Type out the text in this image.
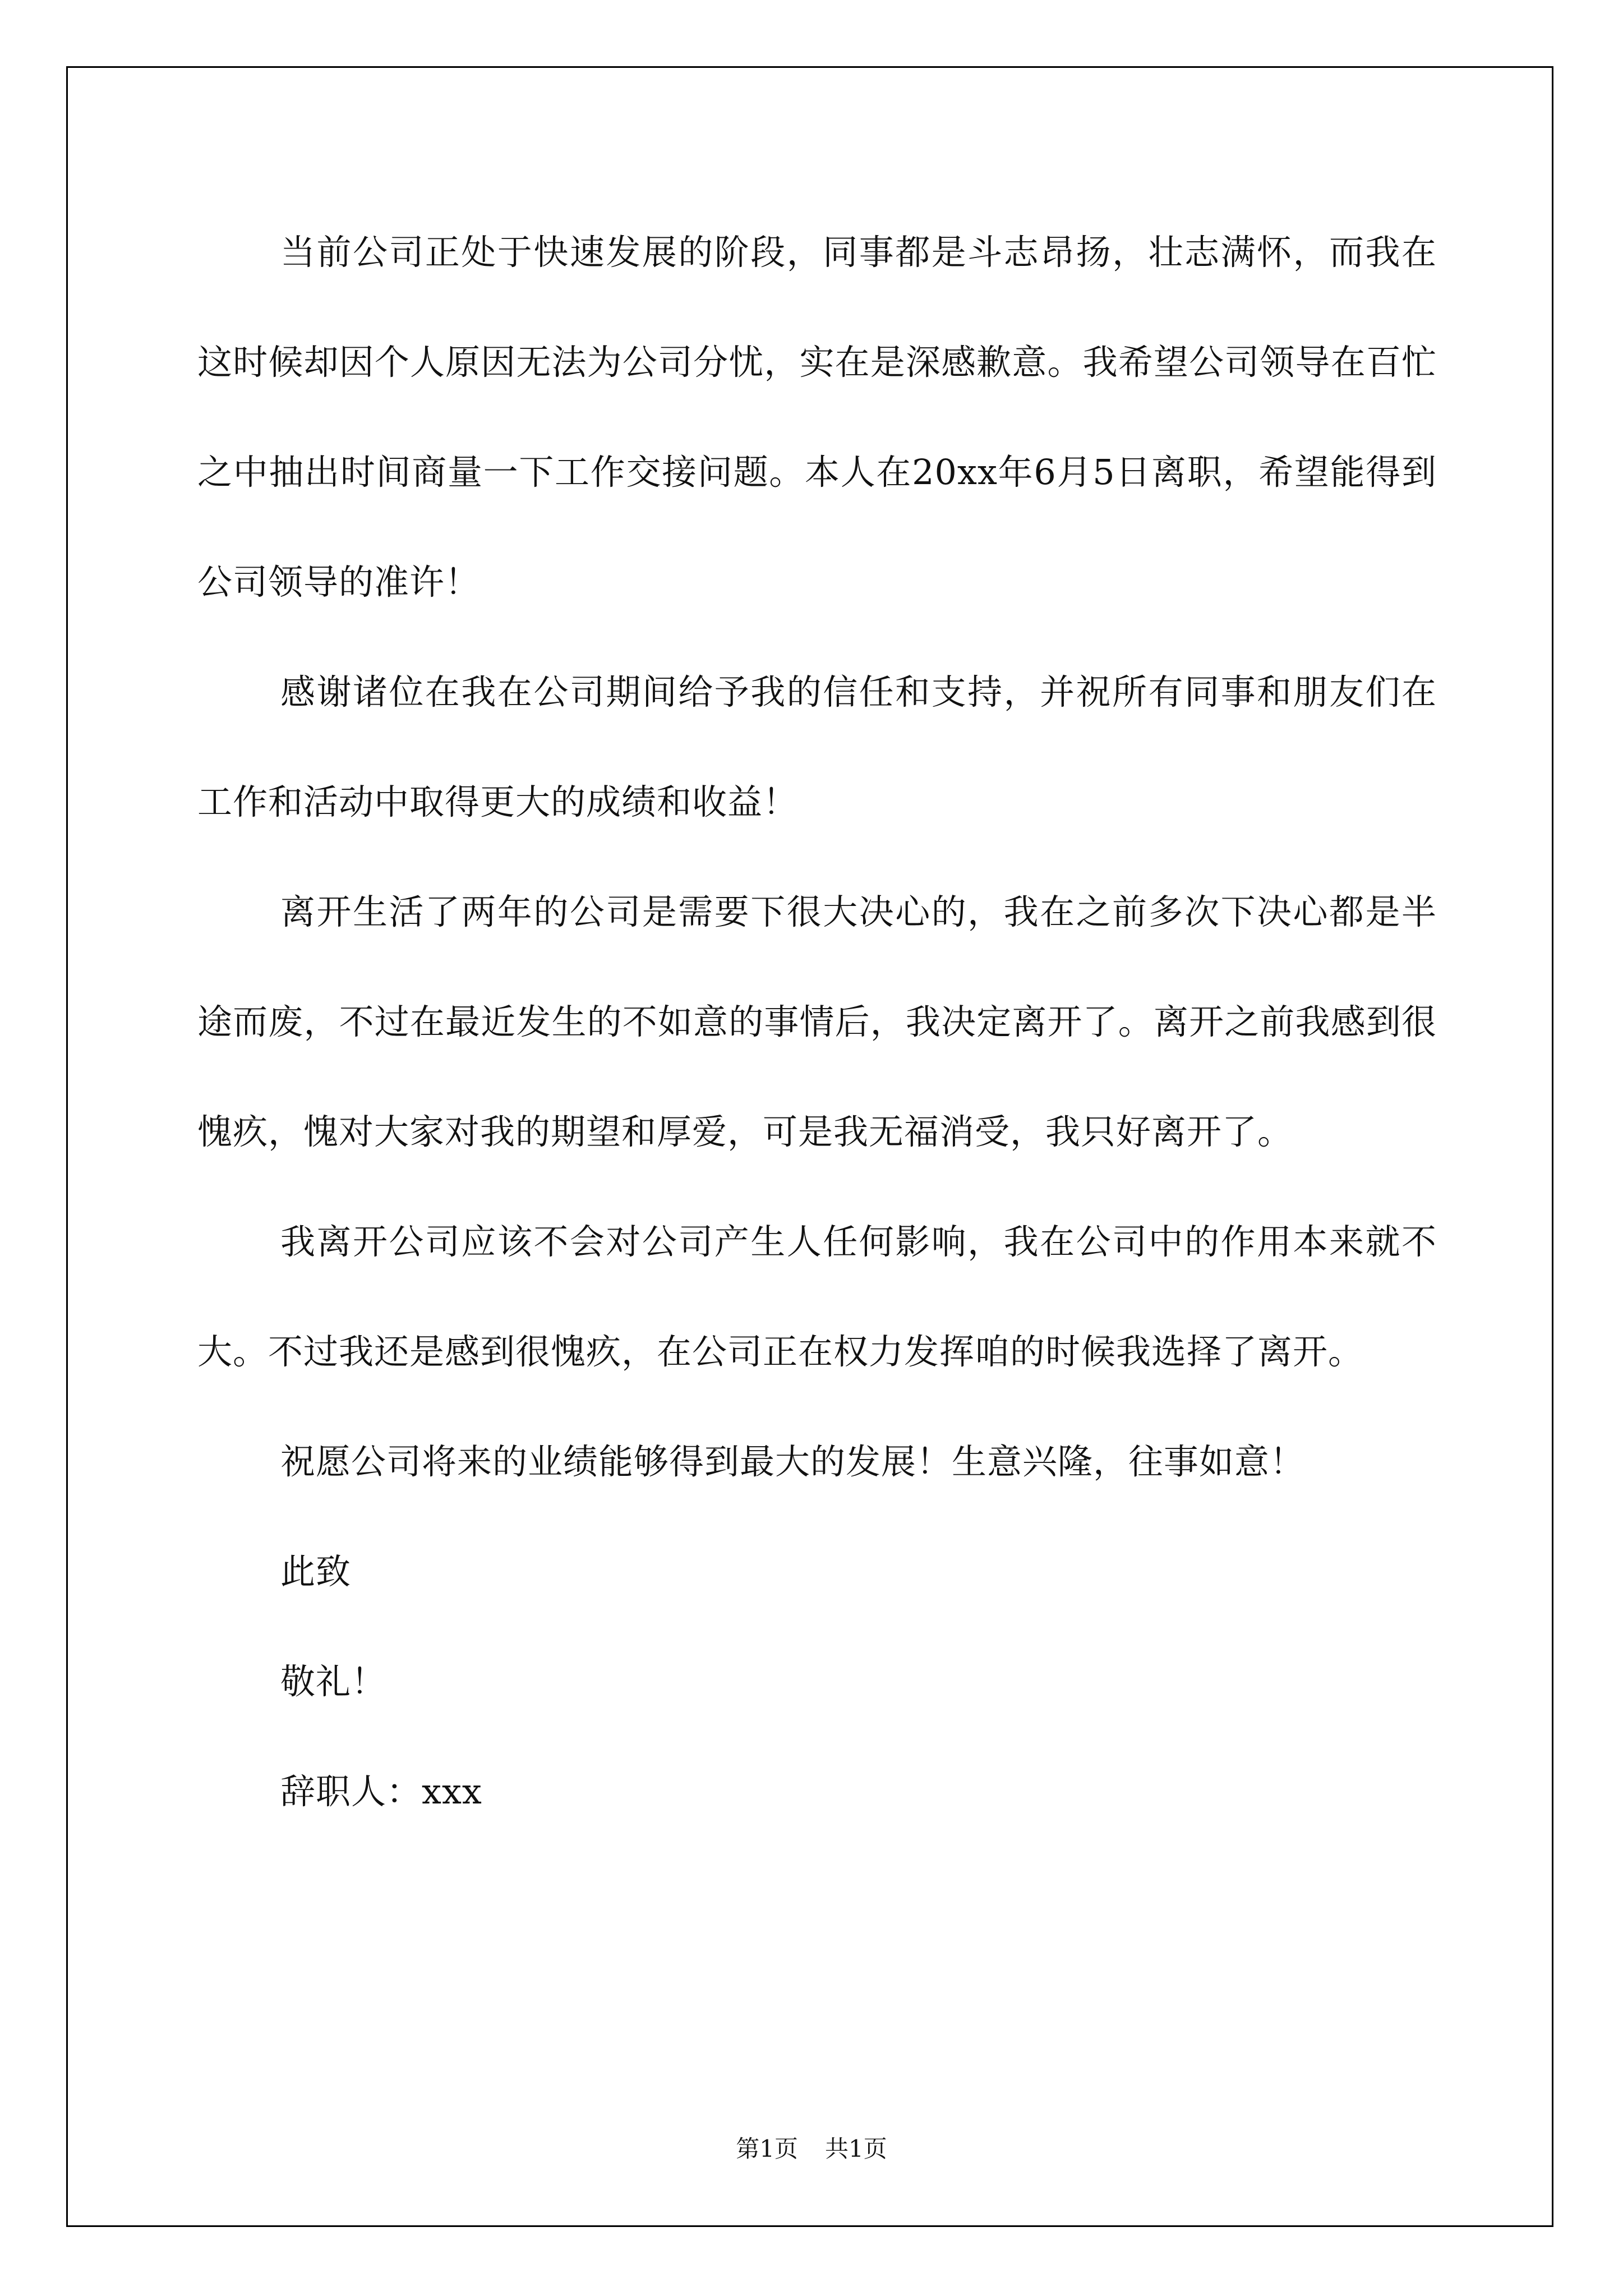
当前公司正处于快速发展的阶段，同事都是斗志昂扬，壮志满怀，而我在这时候却因个人原因无法为公司分忧，实在是深感歉意。我希望公司领导在百忙之中抽出时间商量一下工作交接问题。本人在20xx年6月5日离职，希望能得到公司领导的准许！

感谢诸位在我在公司期间给予我的信任和支持，并祝所有同事和朋友们在工作和活动中取得更大的成绩和收益！

离开生活了两年的公司是需要下很大决心的，我在之前多次下决心都是半途而废，不过在最近发生的不如意的事情后，我决定离开了。离开之前我感到很愧疚，愧对大家对我的期望和厚爱，可是我无福消受，我只好离开了。

我离开公司应该不会对公司产生人任何影响，我在公司中的作用本来就不大。不过我还是感到很愧疚，在公司正在权力发挥咱的时候我选择了离开。

祝愿公司将来的业绩能够得到最大的发展！生意兴隆，往事如意！

此致

敬礼！

辞职人：xxx

第1页 共1页
